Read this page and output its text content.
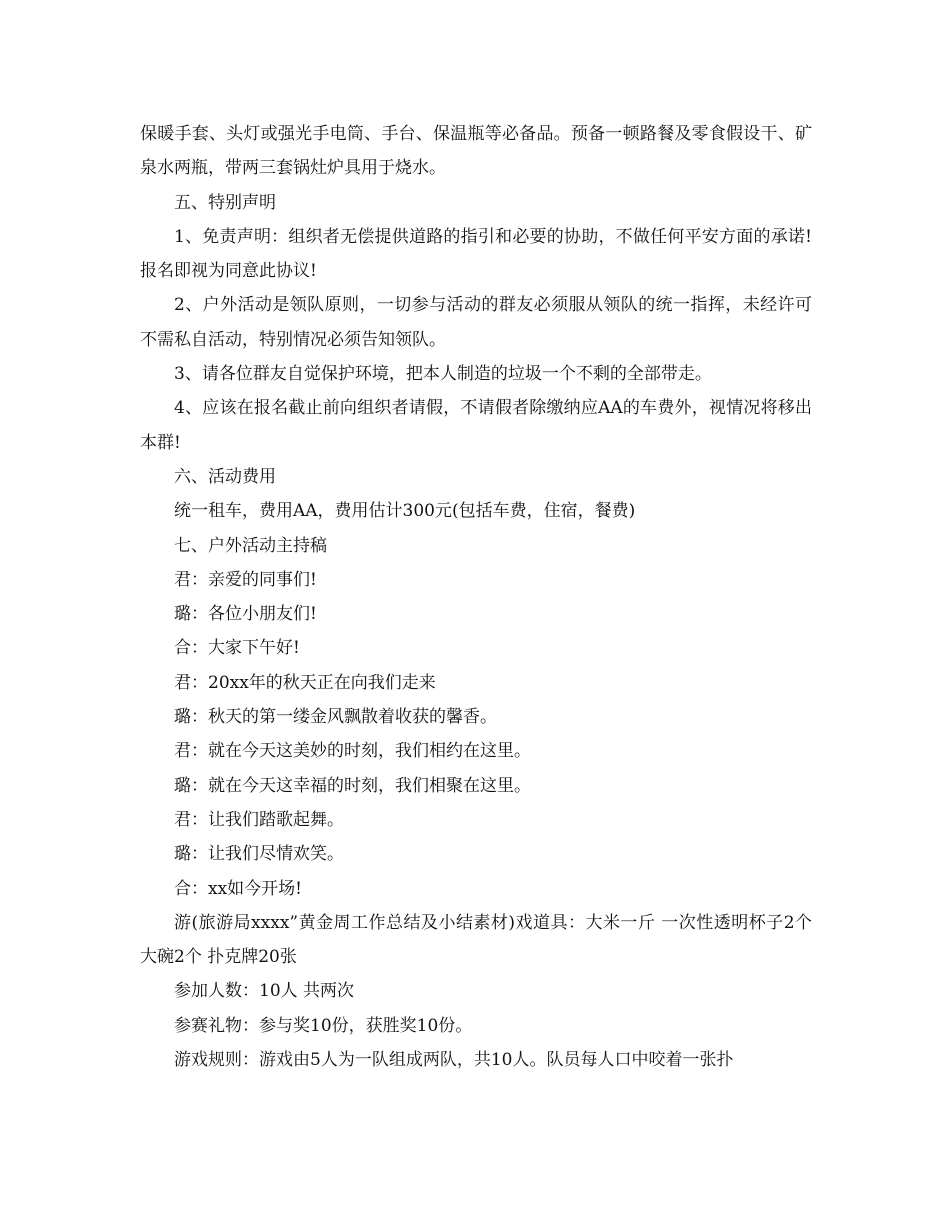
保暖手套、头灯或强光手电筒、手台、保温瓶等必备品。预备一顿路餐及零食假设干、矿泉水两瓶，带两三套锅灶炉具用于烧水。

五、特别声明

1、免责声明：组织者无偿提供道路的指引和必要的协助，不做任何平安方面的承诺!报名即视为同意此协议!

2、户外活动是领队原则，一切参与活动的群友必须服从领队的统一指挥，未经许可不需私自活动，特别情况必须告知领队。

3、请各位群友自觉保护环境，把本人制造的垃圾一个不剩的全部带走。

4、应该在报名截止前向组织者请假，不请假者除缴纳应AA的车费外，视情况将移出本群!

六、活动费用

统一租车，费用AA，费用估计300元(包括车费，住宿，餐费)

七、户外活动主持稿

君：亲爱的同事们!

璐：各位小朋友们!

合：大家下午好!

君：20xx年的秋天正在向我们走来

璐：秋天的第一缕金风飘散着收获的馨香。

君：就在今天这美妙的时刻，我们相约在这里。

璐：就在今天这幸福的时刻，我们相聚在这里。

君：让我们踏歌起舞。

璐：让我们尽情欢笑。

合：xx如今开场!

游(旅游局xxxx”黄金周工作总结及小结素材)戏道具：大米一斤 一次性透明杯子2个 大碗2个 扑克牌20张

参加人数：10人 共两次

参赛礼物：参与奖10份，获胜奖10份。

游戏规则：游戏由5人为一队组成两队，共10人。队员每人口中咬着一张扑
